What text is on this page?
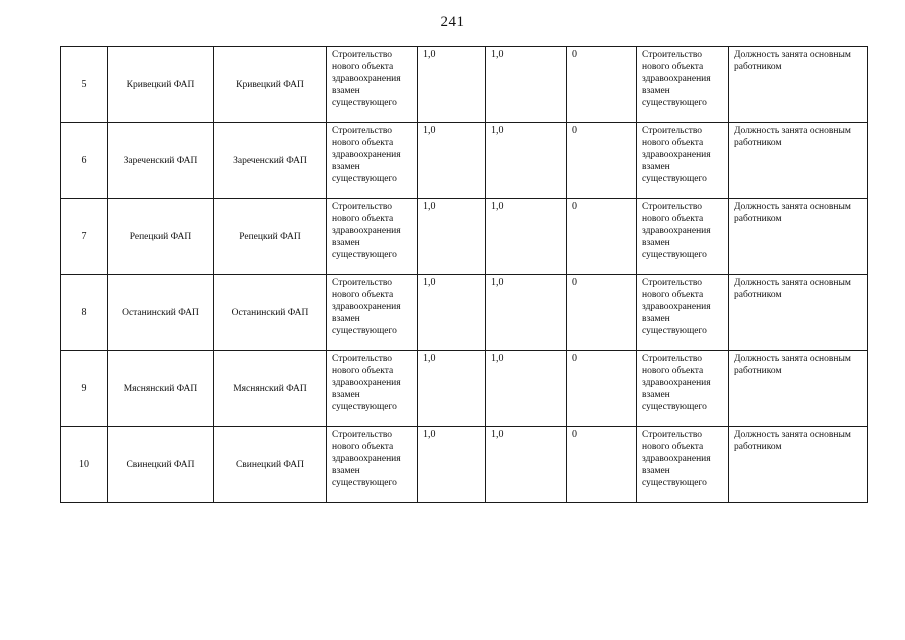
241
5	Кривецкий ФАП	Кривецкий ФАП	Строительство нового объекта здравоохранения взамен существующего	1,0	1,0	0	Строительство нового объекта здравоохранения взамен существующего	Должность занята основным работником
6	Зареченский ФАП	Зареченский ФАП	Строительство нового объекта здравоохранения взамен существующего	1,0	1,0	0	Строительство нового объекта здравоохранения взамен существующего	Должность занята основным работником
7	Репецкий ФАП	Репецкий ФАП	Строительство нового объекта здравоохранения взамен существующего	1,0	1,0	0	Строительство нового объекта здравоохранения взамен существующего	Должность занята основным работником
8	Останинский ФАП	Останинский ФАП	Строительство нового объекта здравоохранения взамен существующего	1,0	1,0	0	Строительство нового объекта здравоохранения взамен существующего	Должность занята основным работником
9	Мяснянский ФАП	Мяснянский ФАП	Строительство нового объекта здравоохранения взамен существующего	1,0	1,0	0	Строительство нового объекта здравоохранения взамен существующего	Должность занята основным работником
10	Свинецкий ФАП	Свинецкий ФАП	Строительство нового объекта здравоохранения взамен существующего	1,0	1,0	0	Строительство нового объекта здравоохранения взамен существующего	Должность занята основным работником
